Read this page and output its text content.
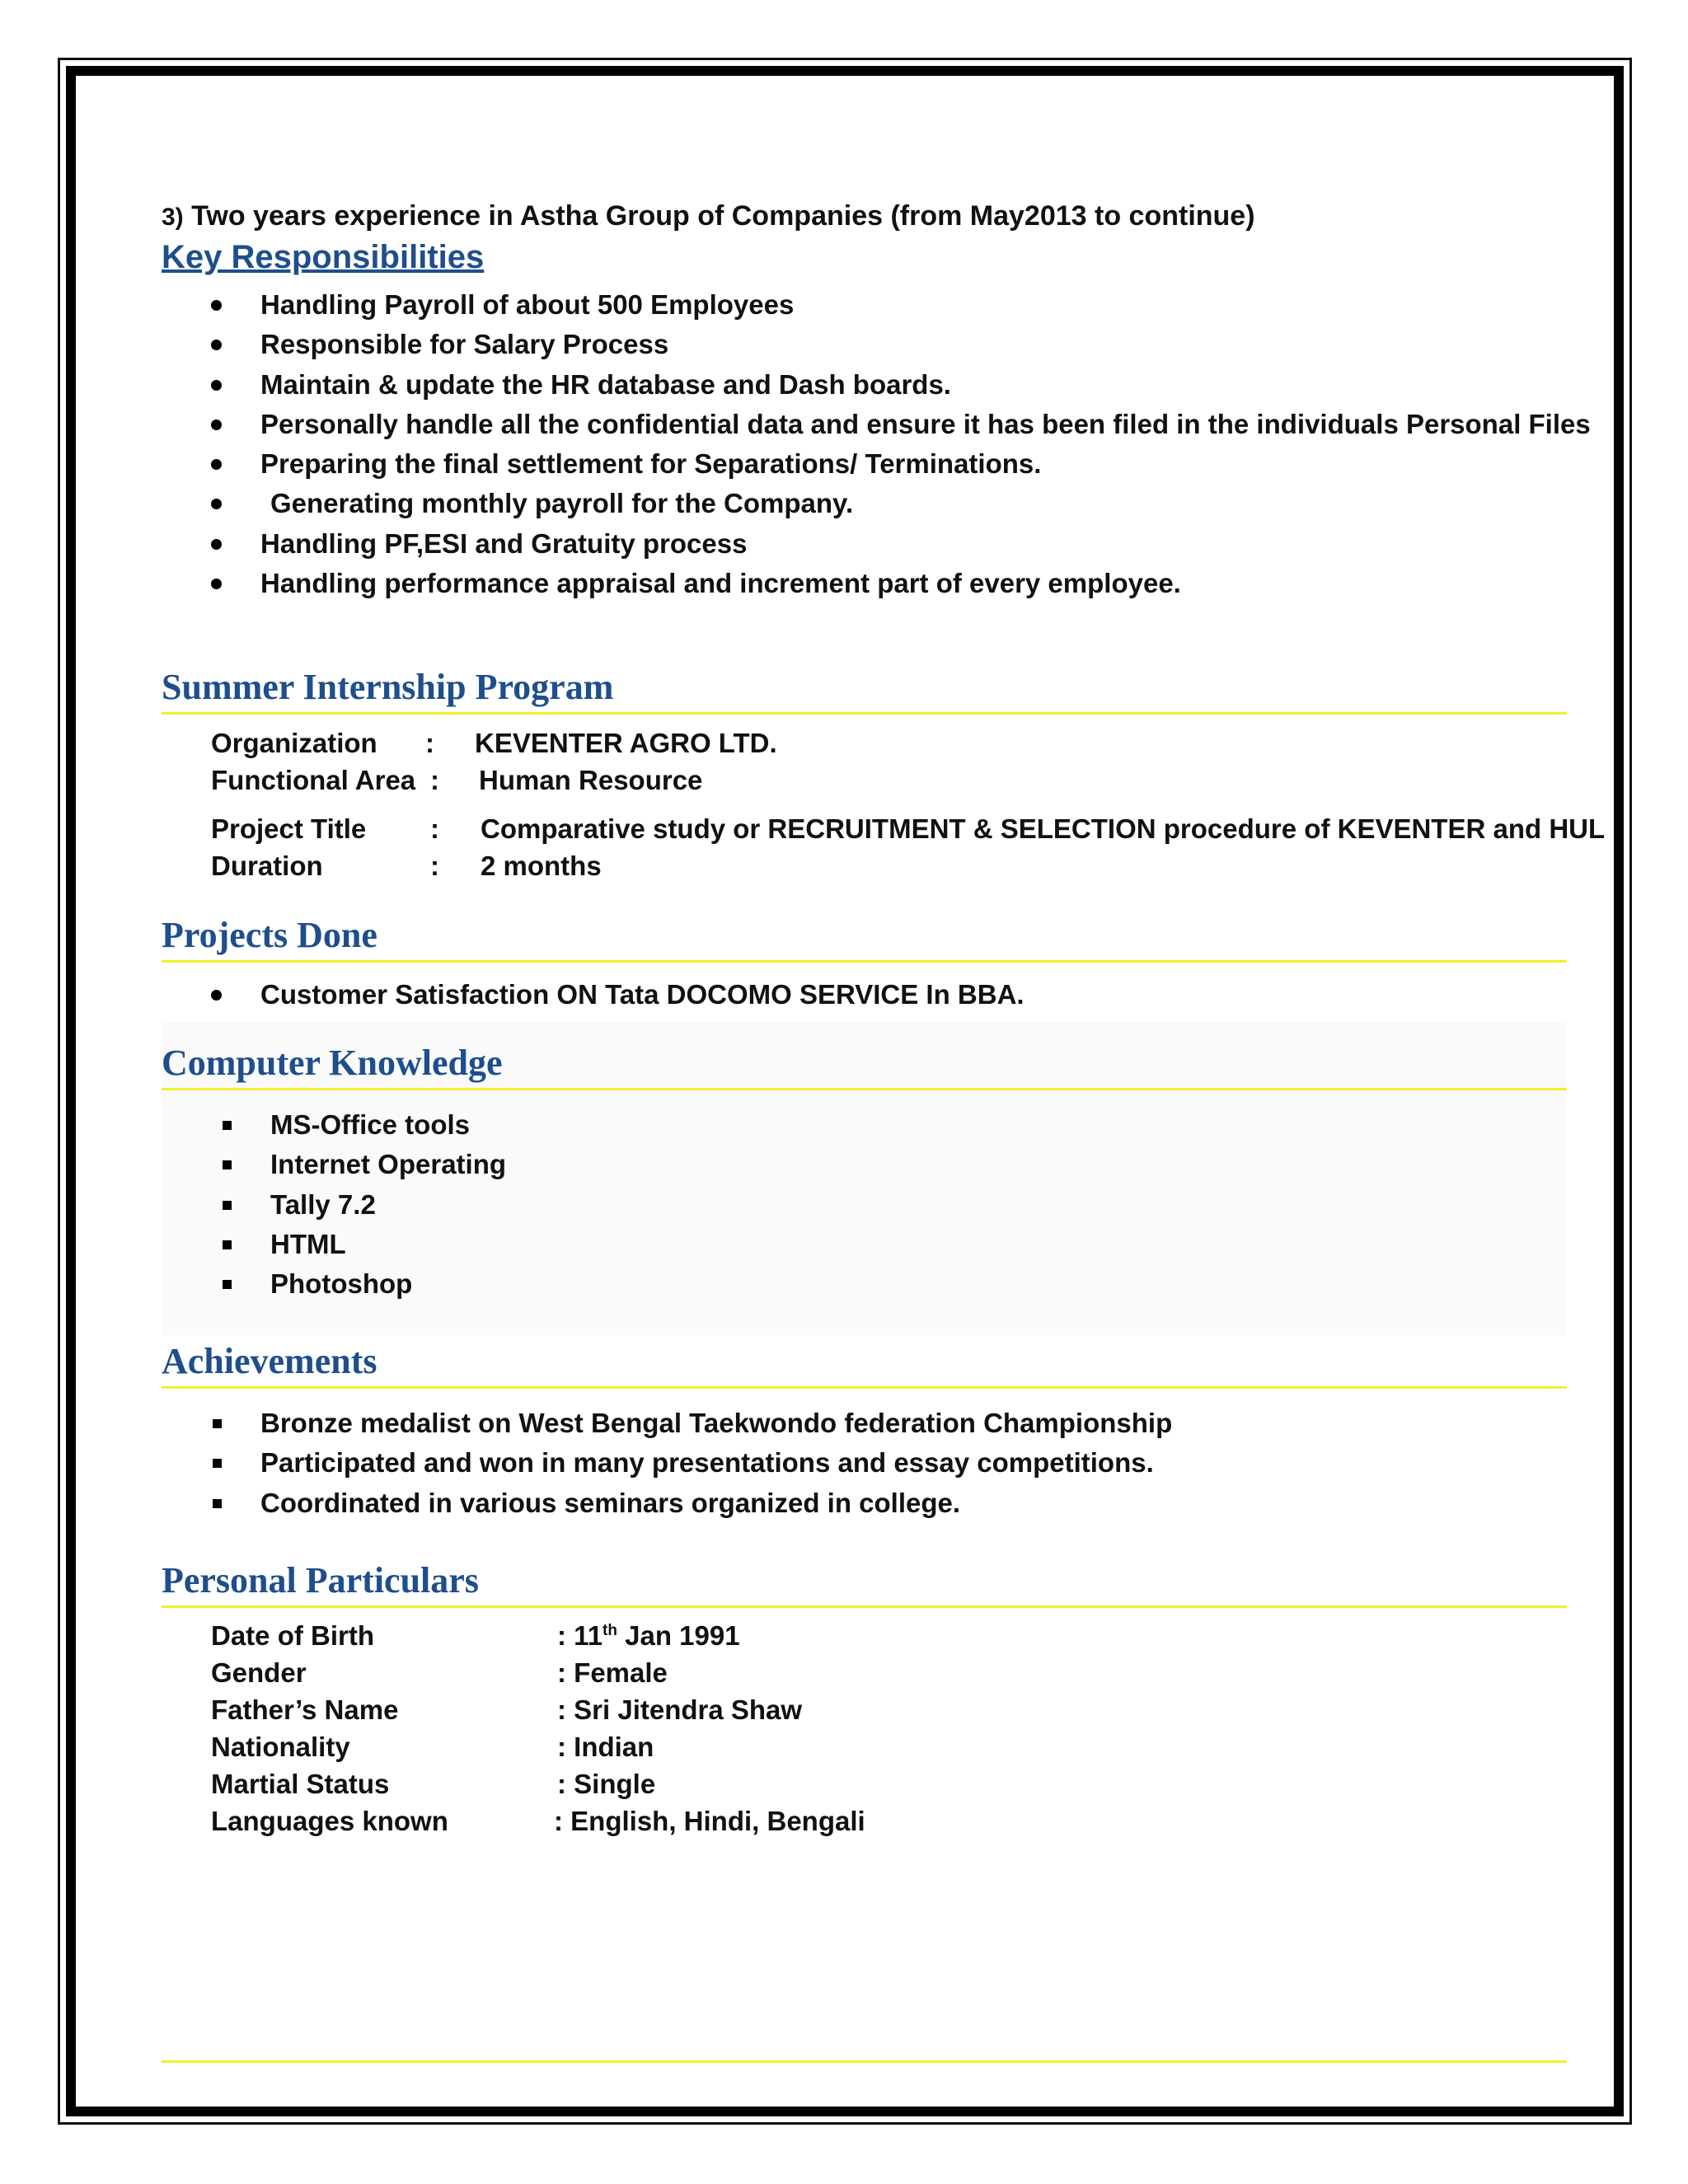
3) Two years experience in Astha Group of Companies (from May2013 to continue)
Key Responsibilities
Handling Payroll of about 500 Employees
Responsible for Salary Process
Maintain & update the HR database and Dash boards.
Personally handle all the confidential data and ensure it has been filed in the individuals Personal Files
Preparing the final settlement for Separations/ Terminations.
Generating monthly payroll for the Company.
Handling PF,ESI and Gratuity process
Handling performance appraisal and increment part of every employee.
Summer Internship Program
Organization : KEVENTER AGRO LTD.
Functional Area : Human Resource
Project Title : Comparative study or RECRUITMENT & SELECTION procedure of KEVENTER and HUL
Duration	: 2 months
Projects Done
Customer Satisfaction ON Tata DOCOMO SERVICE In BBA.
Computer Knowledge
MS-Office tools
Internet Operating
Tally 7.2
HTML
Photoshop
Achievements
Bronze medalist on West Bengal Taekwondo federation Championship
Participated and won in many presentations and essay competitions.
Coordinated in various seminars organized in college.
Personal Particulars
Date of Birth	: 11th Jan 1991
Gender	: Female
Father’s Name	: Sri Jitendra Shaw
Nationality	: Indian
Martial Status	: Single
Languages known	: English, Hindi, Bengali
